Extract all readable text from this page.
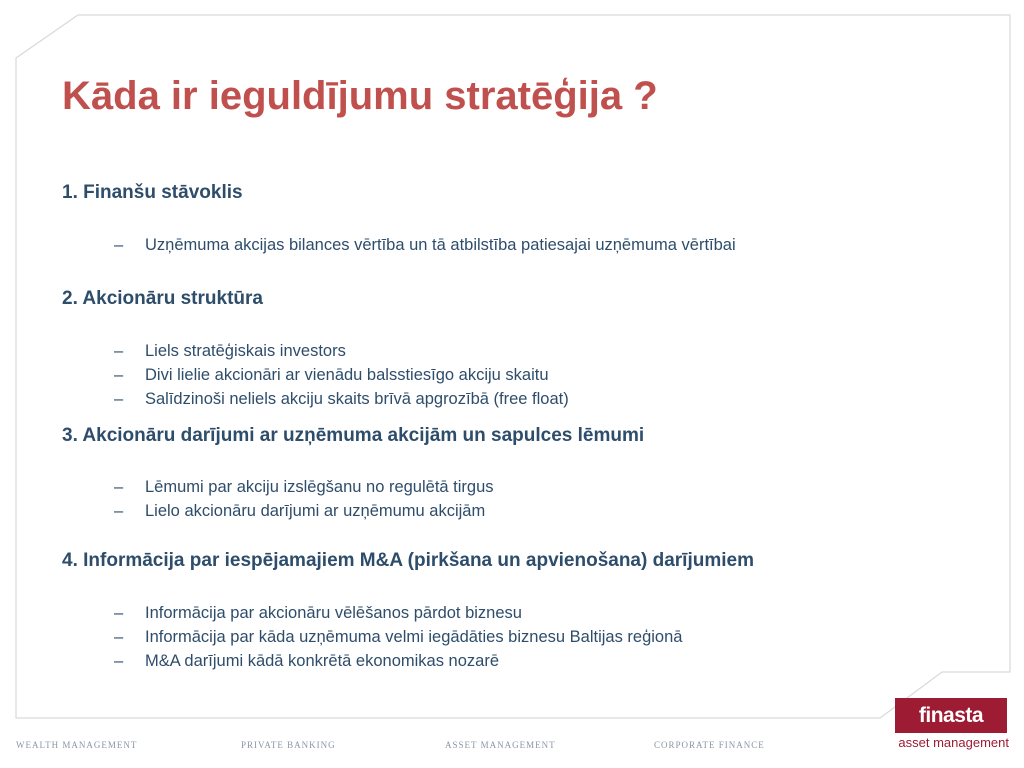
Kāda ir ieguldījumu stratēģija ?

1. Finanšu stāvoklis

– Uzņēmuma akcijas bilances vērtība un tā atbilstība patiesajai uzņēmuma vērtībai

2. Akcionāru struktūra

– Liels stratēģiskais investors
– Divi lielie akcionāri ar vienādu balsstiesīgo akciju skaitu
– Salīdzinoši neliels akciju skaits brīvā apgrozībā (free float)

3. Akcionāru darījumi ar uzņēmuma akcijām un sapulces lēmumi

– Lēmumi par akciju izslēgšanu no regulētā tirgus
– Lielo akcionāru darījumi ar uzņēmumu akcijām

4. Informācija par iespējamajiem M&A (pirkšana un apvienošana) darījumiem

– Informācija par akcionāru vēlēšanos pārdot biznesu
– Informācija par kāda uzņēmuma velmi iegādāties biznesu Baltijas reģionā
– M&A darījumi kādā konkrētā ekonomikas nozarē
WEALTH MANAGEMENT	PRIVATE BANKING	ASSET MANAGEMENT	CORPORATE FINANCE
finasta
asset management
